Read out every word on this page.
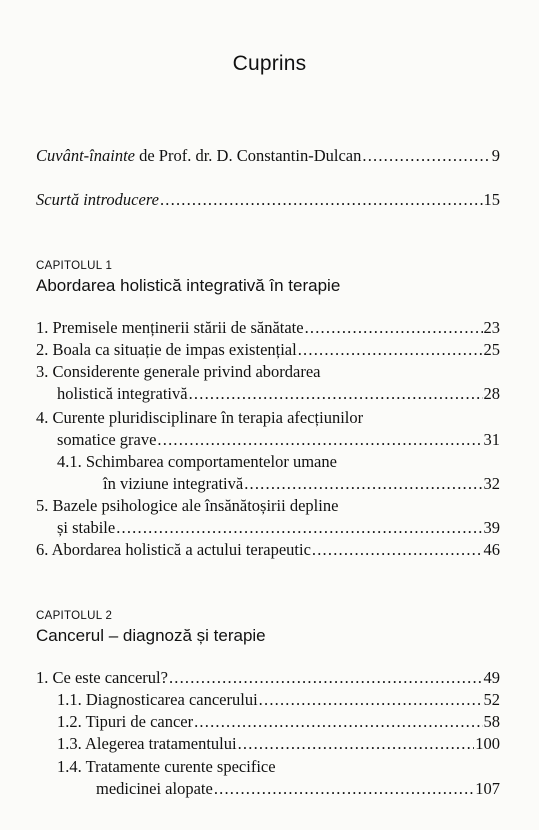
Cuprins
Cuvânt-înainte de Prof. dr. D. Constantin-Dulcan .....	9
Scurtă introducere .....	15
CAPITOLUL 1
Abordarea holistică integrativă în terapie
1. Premisele menținerii stării de sănătate .....	23
2. Boala ca situație de impas existențial .....	25
3. Considerente generale privind abordarea
holistică integrativă .....	28
4. Curente pluridisciplinare în terapia afecțiunilor
somatice grave .....	31
4.1. Schimbarea comportamentelor umane
în viziune integrativă .....	32
5. Bazele psihologice ale însănătoșirii depline
și stabile .....	39
6. Abordarea holistică a actului terapeutic .....	46
CAPITOLUL 2
Cancerul – diagnoză și terapie
1. Ce este cancerul? .....	49
1.1. Diagnosticarea cancerului .....	52
1.2. Tipuri de cancer .....	58
1.3. Alegerea tratamentului .....	100
1.4. Tratamente curente specifice
medicinei alopate .....	107
